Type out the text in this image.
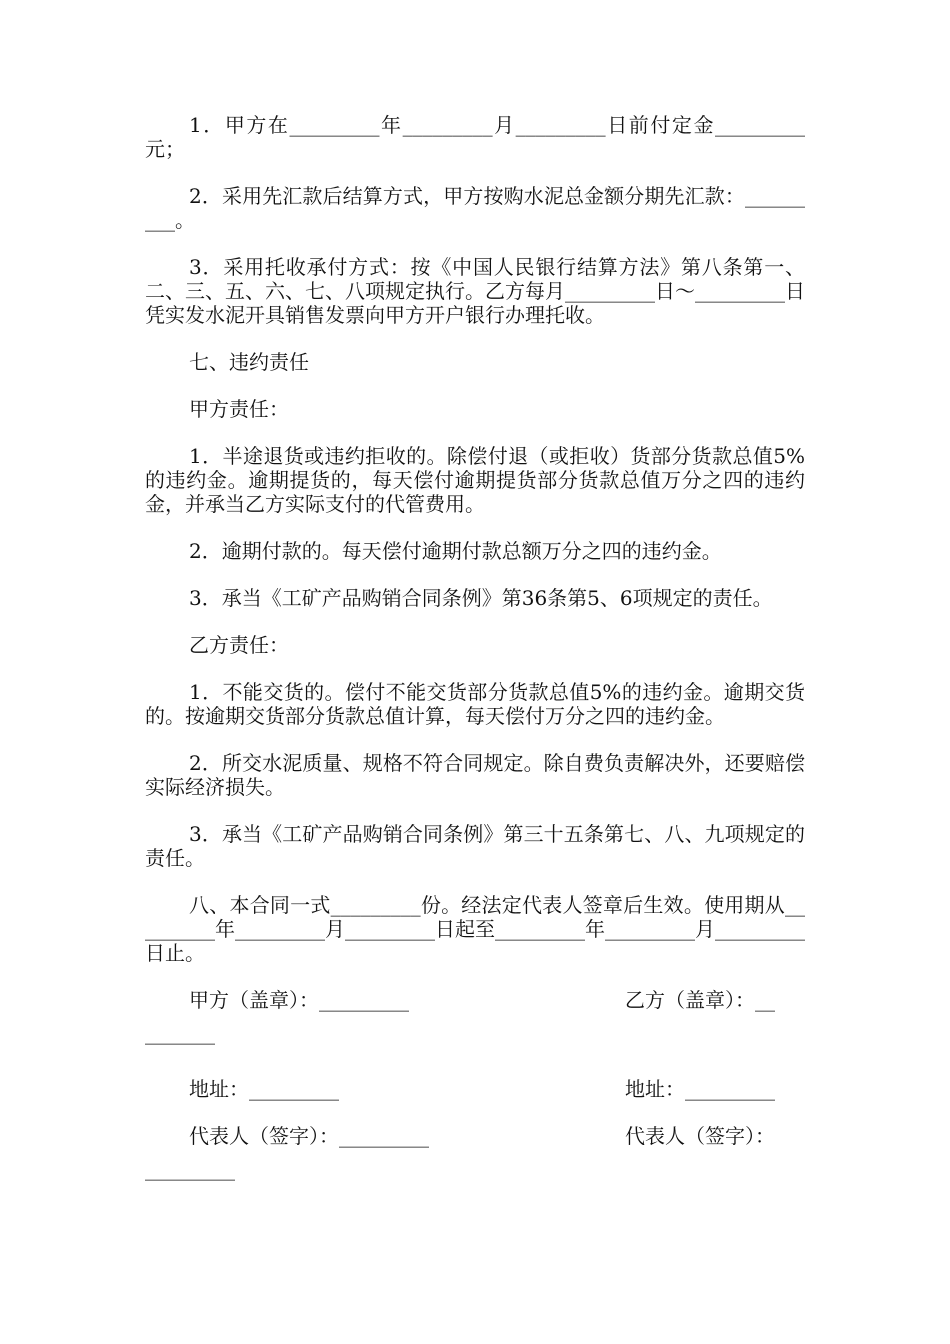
1．甲方在_________年_________月_________日前付定金_________元；

2．采用先汇款后结算方式，甲方按购水泥总金额分期先汇款：_________。

3．采用托收承付方式：按《中国人民银行结算方法》第八条第一、二、三、五、六、七、八项规定执行。乙方每月_________日～_________日凭实发水泥开具销售发票向甲方开户银行办理托收。

七、违约责任

甲方责任：

1．半途退货或违约拒收的。除偿付退（或拒收）货部分货款总值5%的违约金。逾期提货的，每天偿付逾期提货部分货款总值万分之四的违约金，并承当乙方实际支付的代管费用。

2．逾期付款的。每天偿付逾期付款总额万分之四的违约金。

3．承当《工矿产品购销合同条例》第36条第5、6项规定的责任。

乙方责任：

1．不能交货的。偿付不能交货部分货款总值5%的违约金。逾期交货的。按逾期交货部分货款总值计算，每天偿付万分之四的违约金。

2．所交水泥质量、规格不符合同规定。除自费负责解决外，还要赔偿实际经济损失。

3．承当《工矿产品购销合同条例》第三十五条第七、八、九项规定的责任。

八、本合同一式_________份。经法定代表人签章后生效。使用期从_________年_________月_________日起至_________年_________月_________日止。

甲方（盖章）：_________

	乙方（盖章）：__

_______

地址：_________

	地址：_________

代表人（签字）：_________

	代表人（签字）：

_________
